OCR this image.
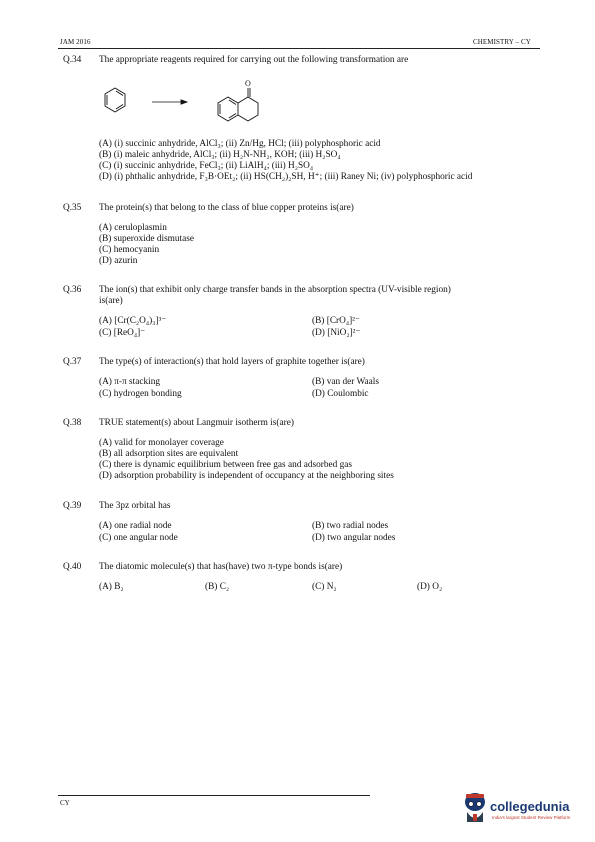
JAM 2016	CHEMISTRY – CY
Q.34 The appropriate reagents required for carrying out the following transformation are
O
(A) (i) succinic anhydride, AlCl₃; (ii) Zn/Hg, HCl; (iii) polyphosphoric acid
(B) (i) maleic anhydride, AlCl₃; (ii) H₂N-NH₂, KOH; (iii) H₂SO₄
(C) (i) succinic anhydride, FeCl₃; (ii) LiAlH₄; (iii) H₂SO₄
(D) (i) phthalic anhydride, F₃B·OEt₂; (ii) HS(CH₂)₂SH, H⁺; (iii) Raney Ni; (iv) polyphosphoric acid
Q.35 The protein(s) that belong to the class of blue copper proteins is(are)
(A) ceruloplasmin
(B) superoxide dismutase
(C) hemocyanin
(D) azurin
Q.36 The ion(s) that exhibit only charge transfer bands in the absorption spectra (UV-visible region)
is(are)
(A) [Cr(C₂O₄)₃]³⁻	(B) [CrO₄]²⁻
(C) [ReO₄]⁻	(D) [NiO₂]²⁻
Q.37 The type(s) of interaction(s) that hold layers of graphite together is(are)
(A) π-π stacking	(B) van der Waals
(C) hydrogen bonding	(D) Coulombic
Q.38 TRUE statement(s) about Langmuir isotherm is(are)
(A) valid for monolayer coverage
(B) all adsorption sites are equivalent
(C) there is dynamic equilibrium between free gas and adsorbed gas
(D) adsorption probability is independent of occupancy at the neighboring sites
Q.39 The 3pz orbital has
(A) one radial node	(B) two radial nodes
(C) one angular node	(D) two angular nodes
Q.40 The diatomic molecule(s) that has(have) two π-type bonds is(are)
(A) B₂	(B) C₂	(C) N₂	(D) O₂
CY	collegedunia
India's largest Student Review Platform
